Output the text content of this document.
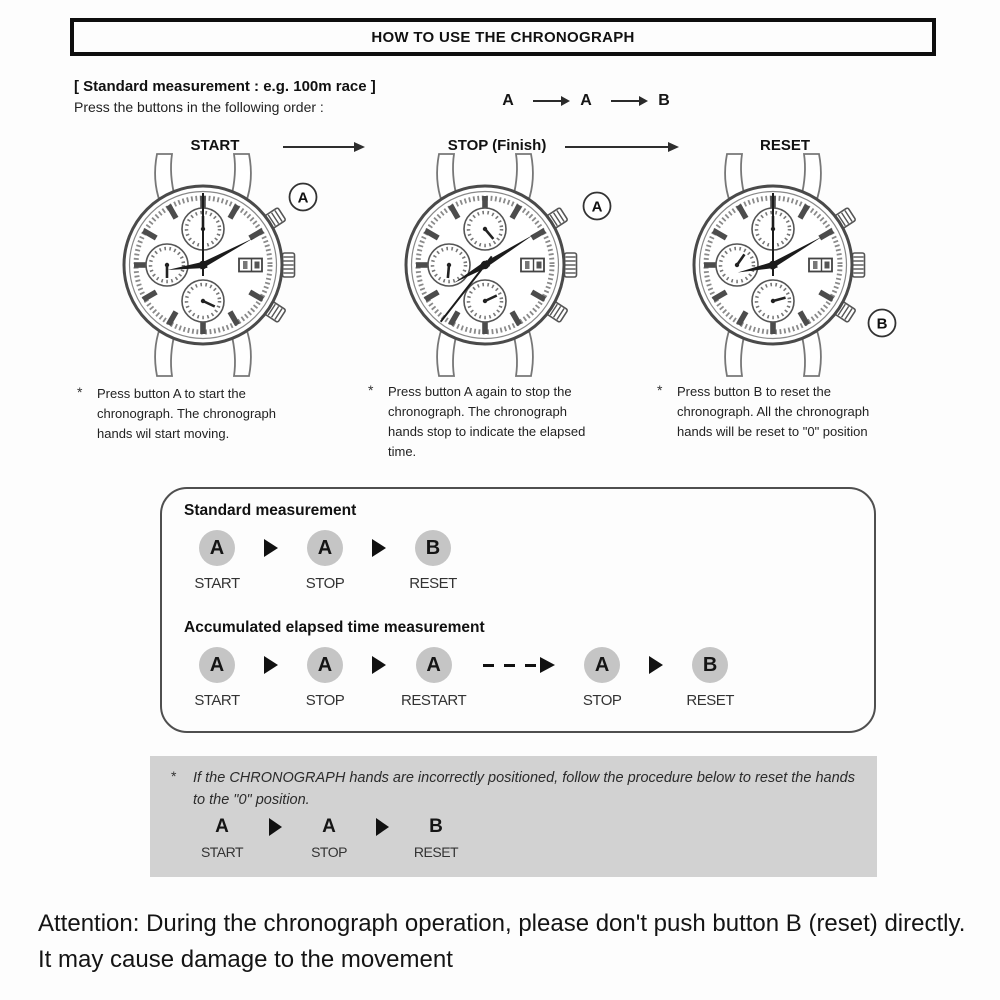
HOW TO USE THE CHRONOGRAPH
[ Standard measurement : e.g. 100m race ]
Press the buttons in the following order :	A	A	B
START	STOP (Finish)	RESET
A
A
B
* Press button A to start the chronograph. The chronograph hands wil start moving.
* Press button A again to stop the chronograph. The chronograph hands stop to indicate the elapsed time.
* Press button B to reset the chronograph. All the chronograph hands will be reset to "0" position
Standard measurement
A
START
A
STOP
B
RESET
Accumulated elapsed time measurement
A
START
A
STOP
A
RESTART
A
STOP
B
RESET
* If the CHRONOGRAPH hands are incorrectly positioned, follow the procedure below to reset the hands to the "0" position.
A
START
A
STOP
B
RESET
Attention: During the chronograph operation, please don't push button B (reset) directly. It may cause damage to the movement
